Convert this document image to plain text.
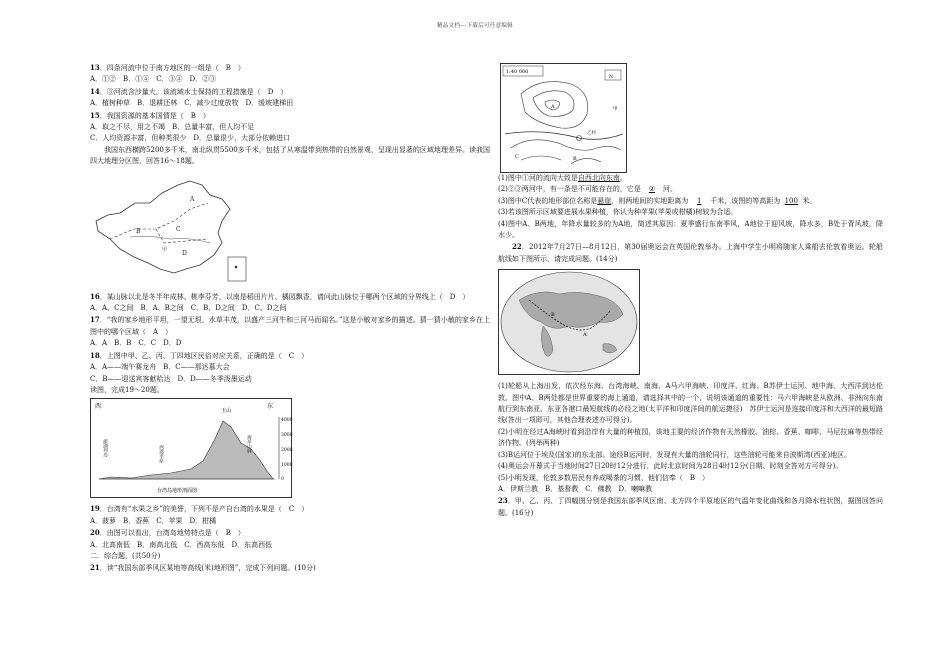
精品文档---下载后可任意编辑
13．四条河流中位于南方地区的一组是（　B　）
A．①②　B．①④　C．③④　D．②③
14．③河流含沙量大，该流域水土保持的工程措施是（　D　）
A．植树种草　B．退耕还林　C．减少过度放牧　D．缓坡建梯田
15．我国资源的基本国情是（　B　）
A．取之不尽，用之不竭　B．总量丰富，但人均不足
C．人均资源丰富，但种类很少　D．总量很少，大部分依赖进口
我国东西横跨5200多千米，南北纵贯5500多千米，包括了从寒温带到热带的自然景观，呈现出显著的区域地理差异。读我国四大地理分区图，回答16～18题。
A
B	C
D
甲
16．某山脉以北是冬半年成林、桃李芬芳，以南是稻田片片、橘园飘香，请问此山脉位于哪两个区域的分界线上（　D　）
A．A、C之间　B．A、B之间　C．B、D之间　D．C、D之间
17．“我的家乡地形平坦，一望无垠，水草丰茂，以盛产三河牛和三河马而闻名。”这是小敏对家乡的描述。猜一猜小敏的家乡在上图中的哪个区域（　A　）
A．A　B．B　C．C　D．D
18．上图中甲、乙、丙、丁四地区民俗对应关系，正确的是（　C　）
A．A——端午赛龙舟　B．C——那达慕大会
C．B——迎送宾客献哈达　D．D——冬季泼墨运动
读图，完成19～20题。
西	东
玉山
4000
3000
2000
1000
0
澎湖列岛	西部平原
海岸山脉
台湾岛地形剖面图
19．台湾有“水果之乡”的美誉，下列不是产自台湾的水果是（　C　）
A．菠萝　B．香蕉　C．苹果　D．柑橘
20．由图可以看出，台湾岛地势特点是（　B　）
A．北高南低　B．南高北低　C．西高东低　D．东高西低
二．综合题。(共50分)
21．读“我国东部季风区某地等高线(米)地形图”，完成下列问题。(10分)
1:40 000
A
B
C
甲
乙村
N
(1)图中①河的流向大致是自西北向东南。
(2)②③两河中，有一条是不可能存在的，它是 ② 河。
(3)图中C代表的地形部位名称是悬崖，则两地间的实地距离为 1 千米，该图的等高距为 100 米。
(3)若该图所示区域要进展水果种植，你认为种苹果(苹果或柑橘)树较为合适。
(4)图中A、B两地，年降水量较多的为A地，简述其原因：夏季盛行东南季风，A地位于迎风坡，降水多，B处于背风坡，降水少。
22．2012年7月27日—8月12日，第30届奥运会在英国伦敦举办。上海中学生小明将随家人乘船去伦敦看奥运。轮船航线如下图所示，请完成问题。(14分)
A
B
(1)轮船从上海出发，依次经东海、台湾海峡、南海、A马六甲海峡、印度洋、红海、B苏伊士运河、地中海、大西洋到达伦敦。图中A、B两处都是世界重要的海上通道，请选择其中的一个，说明该通道的重要性：马六甲海峡是从欧洲、非洲向东南航行到东南亚、东亚各港口最短航线的必经之地(太平洋和印度洋间的航运捷径)　苏伊士运河是连接印度洋和大西洋的最短路线(答出一项即可，其他合理表述亦可得分)。
(2)小明在经过A海峡时看到沿岸有大量的种植园，该地主要的经济作物有天然橡胶、油棕、香蕉、咖啡、马尼拉麻等热带经济作物。(列举两种)
(3)B运河位于埃及(国家)的东北部。途经B运河时，发现有大量的油轮同行，这些油轮可能来自波斯湾(西亚)地区。
(4)奥运会开幕式于当地时间27日20时12分进行，此时北京时间为28日4时12分(日期、时刻全答对方可得分)。
(5)小明发现，伦敦多数居民有养成喝茶的习惯，他们信奉（　B　）
A．伊斯兰教　B．基督教　C．佛教　D．喇嘛教
23．甲、乙、丙、丁四幅图分别是我国东部季风区南、北方四个平原地区的气温年变化曲线和各月降水柱状图，据图回答问题。(16分)
